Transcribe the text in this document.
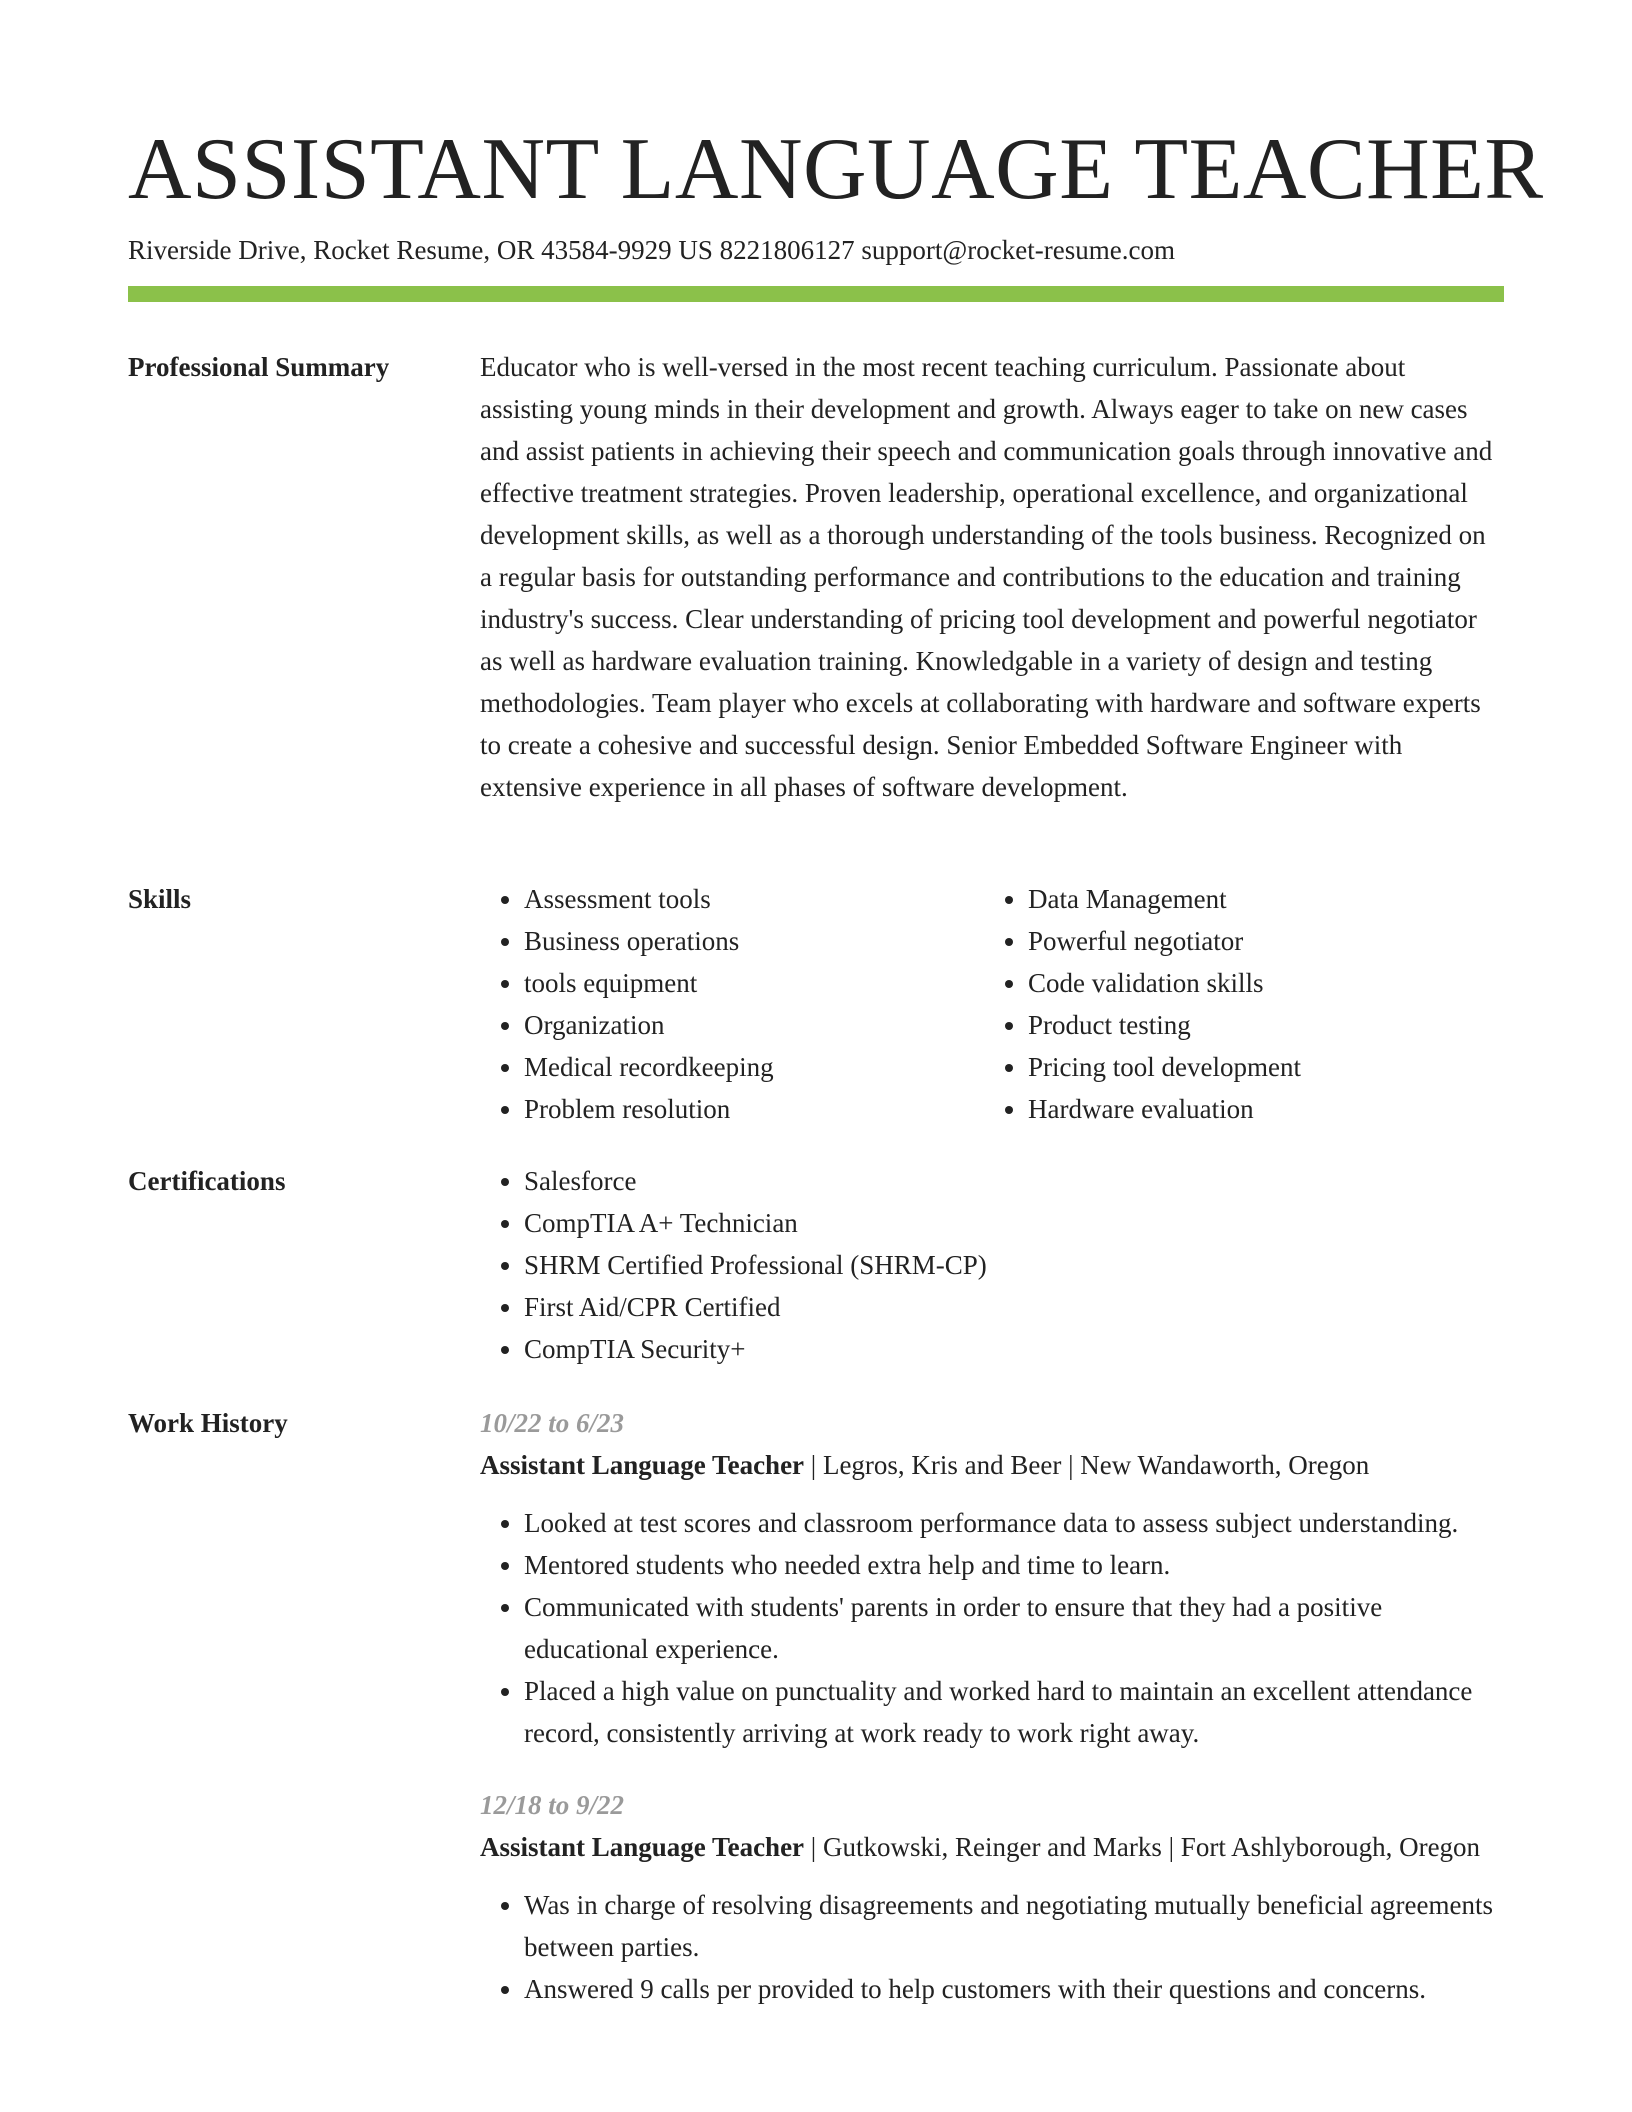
ASSISTANT LANGUAGE TEACHER
Riverside Drive, Rocket Resume, OR 43584-9929 US 8221806127 support@rocket-resume.com
Professional Summary	Educator who is well-versed in the most recent teaching curriculum. Passionate about assisting young minds in their development and growth. Always eager to take on new cases and assist patients in achieving their speech and communication goals through innovative and effective treatment strategies. Proven leadership, operational excellence, and organizational development skills, as well as a thorough understanding of the tools business. Recognized on a regular basis for outstanding performance and contributions to the education and training industry's success. Clear understanding of pricing tool development and powerful negotiator as well as hardware evaluation training. Knowledgable in a variety of design and testing methodologies. Team player who excels at collaborating with hardware and software experts to create a cohesive and successful design. Senior Embedded Software Engineer with extensive experience in all phases of software development.

Skills	• Assessment tools
• Business operations
• tools equipment
• Organization
• Medical recordkeeping
• Problem resolution
• Data Management
• Powerful negotiator
• Code validation skills
• Product testing
• Pricing tool development
• Hardware evaluation
Certifications	• Salesforce
• CompTIA A+ Technician
• SHRM Certified Professional (SHRM-CP)
• First Aid/CPR Certified
• CompTIA Security+
Work History	10/22 to 6/23
Assistant Language Teacher | Legros, Kris and Beer | New Wandaworth, Oregon
• Looked at test scores and classroom performance data to assess subject understanding.
• Mentored students who needed extra help and time to learn.
• Communicated with students' parents in order to ensure that they had a positive educational experience.
• Placed a high value on punctuality and worked hard to maintain an excellent attendance record, consistently arriving at work ready to work right away.
12/18 to 9/22
Assistant Language Teacher | Gutkowski, Reinger and Marks | Fort Ashlyborough, Oregon
• Was in charge of resolving disagreements and negotiating mutually beneficial agreements between parties.
• Answered 9 calls per provided to help customers with their questions and concerns.
